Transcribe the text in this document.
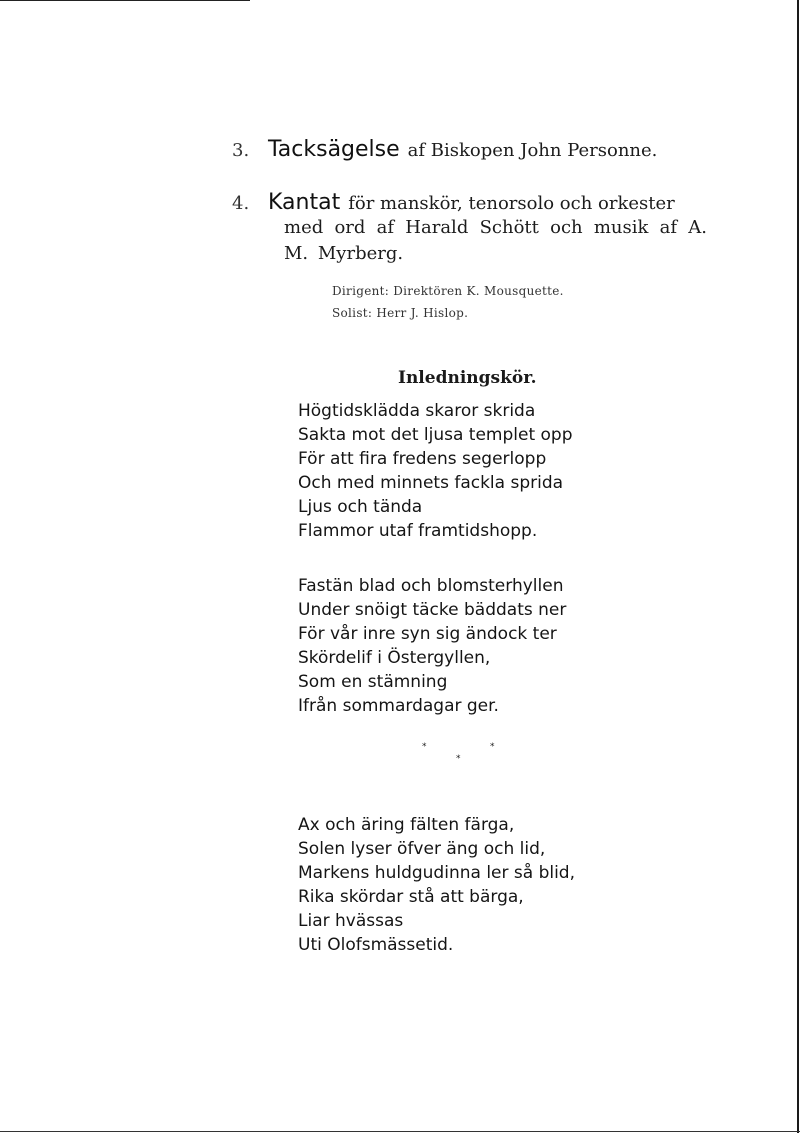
3. Tacksägelse af Biskopen John Personne.
4. Kantat för manskör, tenorsolo och orkester
med ord af Harald Schött och musik af A. M. Myrberg.
Dirigent: Direktören K. Mousquette.
Solist: Herr J. Hislop.
Inledningskör.
Högtidsklädda skaror skrida
Sakta mot det ljusa templet opp
För att fira fredens segerlopp
Och med minnets fackla sprida
Ljus och tända
Flammor utaf framtidshopp.
Fastän blad och blomsterhyllen
Under snöigt täcke bäddats ner
För vår inre syn sig ändock ter
Skördelif i Östergyllen,
Som en stämning
Ifrån sommardagar ger.
*	*
*
Ax och äring fälten färga,
Solen lyser öfver äng och lid,
Markens huldgudinna ler så blid,
Rika skördar stå att bärga,
Liar hvässas
Uti Olofsmässetid.
